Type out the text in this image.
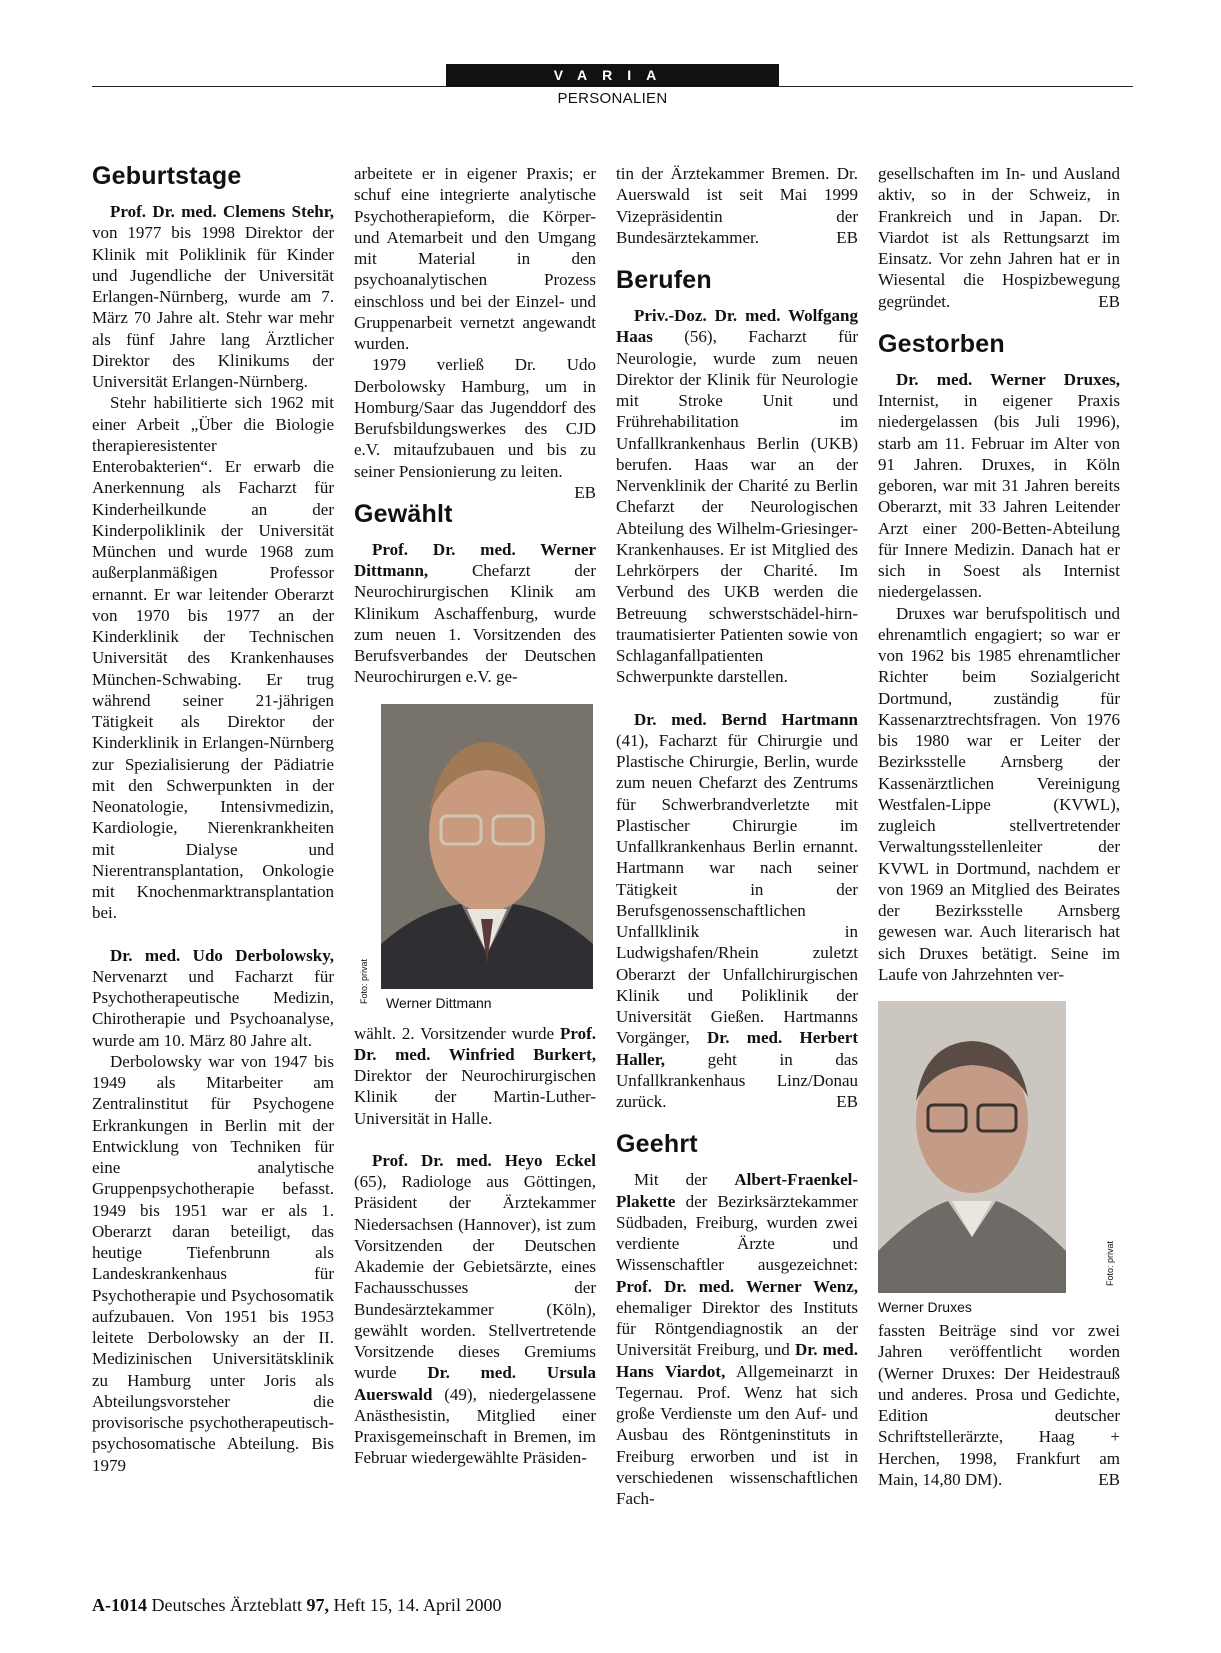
VARIA
PERSONALIEN
Geburtstage

Prof. Dr. med. Clemens Stehr, von 1977 bis 1998 Direktor der Klinik mit Poliklinik für Kinder und Jugendliche der Universität Erlangen-Nürnberg, wurde am 7. März 70 Jahre alt. Stehr war mehr als fünf Jahre lang Ärztlicher Direktor des Klinikums der Universität Erlangen-Nürnberg.

Stehr habilitierte sich 1962 mit einer Arbeit „Über die Biologie therapieresistenter Enterobakterien“. Er erwarb die Anerkennung als Facharzt für Kinderheilkunde an der Kinderpoliklinik der Universität München und wurde 1968 zum außerplanmäßigen Professor ernannt. Er war leitender Oberarzt von 1970 bis 1977 an der Kinderklinik der Technischen Universität des Krankenhauses München-Schwabing. Er trug während seiner 21-jährigen Tätigkeit als Direktor der Kinderklinik in Erlangen-Nürnberg zur Spezialisierung der Pädiatrie mit den Schwerpunkten in der Neonatologie, Intensivmedizin, Kardiologie, Nierenkrankheiten mit Dialyse und Nierentransplantation, Onkologie mit Knochenmarktransplantation bei.

Dr. med. Udo Derbolowsky, Nervenarzt und Facharzt für Psychotherapeutische Medizin, Chirotherapie und Psychoanalyse, wurde am 10. März 80 Jahre alt.

Derbolowsky war von 1947 bis 1949 als Mitarbeiter am Zentralinstitut für Psychogene Erkrankungen in Berlin mit der Entwicklung von Techniken für eine analytische Gruppenpsychotherapie befasst. 1949 bis 1951 war er als 1. Oberarzt daran beteiligt, das heutige Tiefenbrunn als Landeskrankenhaus für Psychotherapie und Psychosomatik aufzubauen. Von 1951 bis 1953 leitete Derbolowsky an der II. Medizinischen Universitätsklinik zu Hamburg unter Joris als Abteilungsvorsteher die provisorische psychotherapeutisch-psychosomatische Abteilung. Bis 1979

arbeitete er in eigener Praxis; er schuf eine integrierte analytische Psychotherapieform, die Körper- und Atemarbeit und den Umgang mit Material in den psychoanalytischen Prozess einschloss und bei der Einzel- und Gruppenarbeit vernetzt angewandt wurden.

1979 verließ Dr. Udo Derbolowsky Hamburg, um in Homburg/Saar das Jugenddorf des Berufsbildungswerkes des CJD e.V. mitaufzubauen und bis zu seiner Pensionierung zu leiten.
EB

Gewählt

Prof. Dr. med. Werner Dittmann, Chefarzt der Neurochirurgischen Klinik am Klinikum Aschaffenburg, wurde zum neuen 1. Vorsitzenden des Berufsverbandes der Deutschen Neurochirurgen e.V. ge-

Foto: privat	Werner Dittmann

wählt. 2. Vorsitzender wurde Prof. Dr. med. Winfried Burkert, Direktor der Neurochirurgischen Klinik der Martin-Luther-Universität in Halle.

Prof. Dr. med. Heyo Eckel (65), Radiologe aus Göttingen, Präsident der Ärztekammer Niedersachsen (Hannover), ist zum Vorsitzenden der Deutschen Akademie der Gebietsärzte, eines Fachausschusses der Bundesärztekammer (Köln), gewählt worden. Stellvertretende Vorsitzende dieses Gremiums wurde Dr. med. Ursula Auerswald (49), niedergelassene Anästhesistin, Mitglied einer Praxisgemeinschaft in Bremen, im Februar wiedergewählte Präsiden-

tin der Ärztekammer Bremen. Dr. Auerswald ist seit Mai 1999 Vizepräsidentin der Bundesärztekammer.	EB

Berufen

Priv.-Doz. Dr. med. Wolfgang Haas (56), Facharzt für Neurologie, wurde zum neuen Direktor der Klinik für Neurologie mit Stroke Unit und Frührehabilitation im Unfallkrankenhaus Berlin (UKB) berufen. Haas war an der Nervenklinik der Charité zu Berlin Chefarzt der Neurologischen Abteilung des Wilhelm-Griesinger-Krankenhauses. Er ist Mitglied des Lehrkörpers der Charité. Im Verbund des UKB werden die Betreuung schwerstschädel-hirn-traumatisierter Patienten sowie von Schlaganfallpatienten Schwerpunkte darstellen.

Dr. med. Bernd Hartmann (41), Facharzt für Chirurgie und Plastische Chirurgie, Berlin, wurde zum neuen Chefarzt des Zentrums für Schwerbrandverletzte mit Plastischer Chirurgie im Unfallkrankenhaus Berlin ernannt. Hartmann war nach seiner Tätigkeit in der Berufsgenossenschaftlichen Unfallklinik in Ludwigshafen/Rhein zuletzt Oberarzt der Unfallchirurgischen Klinik und Poliklinik der Universität Gießen. Hartmanns Vorgänger, Dr. med. Herbert Haller, geht in das Unfallkrankenhaus Linz/Donau zurück.	EB

Geehrt

Mit der Albert-Fraenkel-Plakette der Bezirksärztekammer Südbaden, Freiburg, wurden zwei verdiente Ärzte und Wissenschaftler ausgezeichnet: Prof. Dr. med. Werner Wenz, ehemaliger Direktor des Instituts für Röntgendiagnostik an der Universität Freiburg, und Dr. med. Hans Viardot, Allgemeinarzt in Tegernau. Prof. Wenz hat sich große Verdienste um den Auf- und Ausbau des Röntgeninstituts in Freiburg erworben und ist in verschiedenen wissenschaftlichen Fach-

gesellschaften im In- und Ausland aktiv, so in der Schweiz, in Frankreich und in Japan. Dr. Viardot ist als Rettungsarzt im Einsatz. Vor zehn Jahren hat er in Wiesental die Hospizbewegung gegründet.	EB

Gestorben

Dr. med. Werner Druxes, Internist, in eigener Praxis niedergelassen (bis Juli 1996), starb am 11. Februar im Alter von 91 Jahren. Druxes, in Köln geboren, war mit 31 Jahren bereits Oberarzt, mit 33 Jahren Leitender Arzt einer 200-Betten-Abteilung für Innere Medizin. Danach hat er sich in Soest als Internist niedergelassen.

Druxes war berufspolitisch und ehrenamtlich engagiert; so war er von 1962 bis 1985 ehrenamtlicher Richter beim Sozialgericht Dortmund, zuständig für Kassenarztrechtsfragen. Von 1976 bis 1980 war er Leiter der Bezirksstelle Arnsberg der Kassenärztlichen Vereinigung Westfalen-Lippe (KVWL), zugleich stellvertretender Verwaltungsstellenleiter der KVWL in Dortmund, nachdem er von 1969 an Mitglied des Beirates der Bezirksstelle Arnsberg gewesen war. Auch literarisch hat sich Druxes betätigt. Seine im Laufe von Jahrzehnten ver-

Foto: privat
Werner Druxes

fassten Beiträge sind vor zwei Jahren veröffentlicht worden (Werner Druxes: Der Heidestrauß und anderes. Prosa und Gedichte, Edition deutscher Schriftstellerärzte, Haag + Herchen, 1998, Frankfurt am Main, 14,80 DM).	EB

A-1014 Deutsches Ärzteblatt 97, Heft 15, 14. April 2000
